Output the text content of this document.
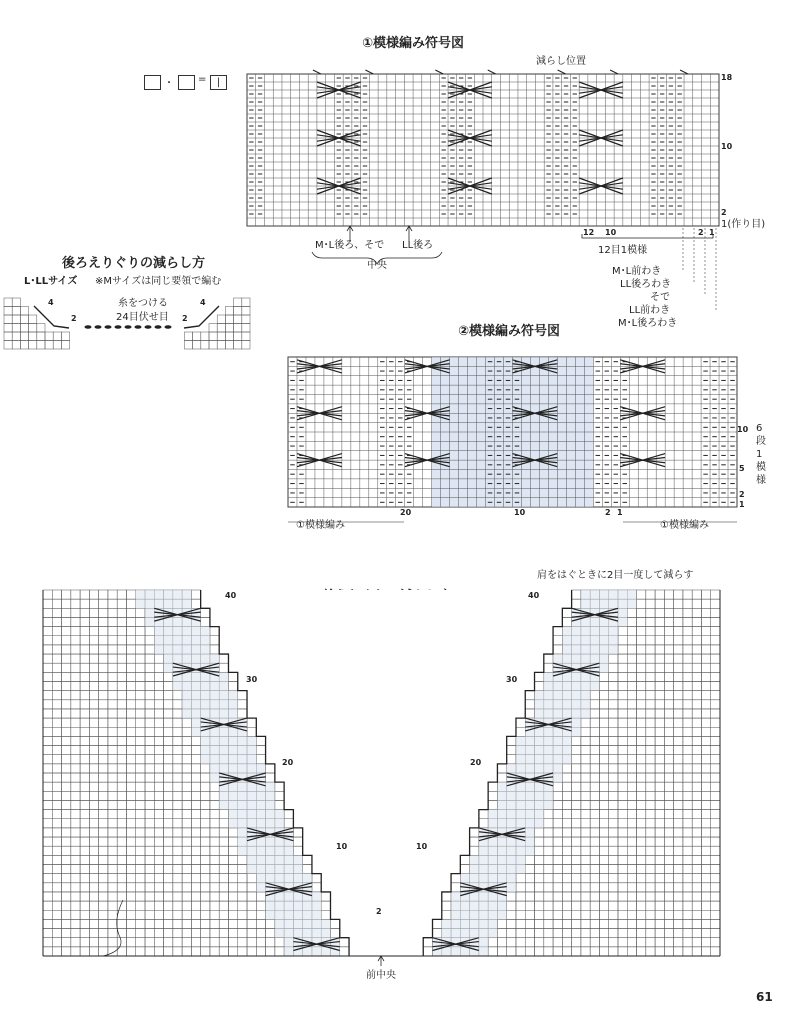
①模様編み符号図
減らし位置
・ =	|	18
10
2
1(作り目)
12 10	2 1
12目1模様
M･L後ろ、そで LL後ろ
中央
M･L前わき
LL後ろわき
そで
LL前わき
M･L後ろわき
後ろえりぐりの減らし方
L･LLサイズ ※Mサイズは同じ要領で編む
糸をつける
24目伏せ目
4
2
4
2
②模様編み符号図
10
5
2
1
6段1模様
20	10	2 1
①模様編み	①模様編み
肩をはぐときに2目一度して減らす
40
30
20
10
2
40
30
20
10
前中央
61
